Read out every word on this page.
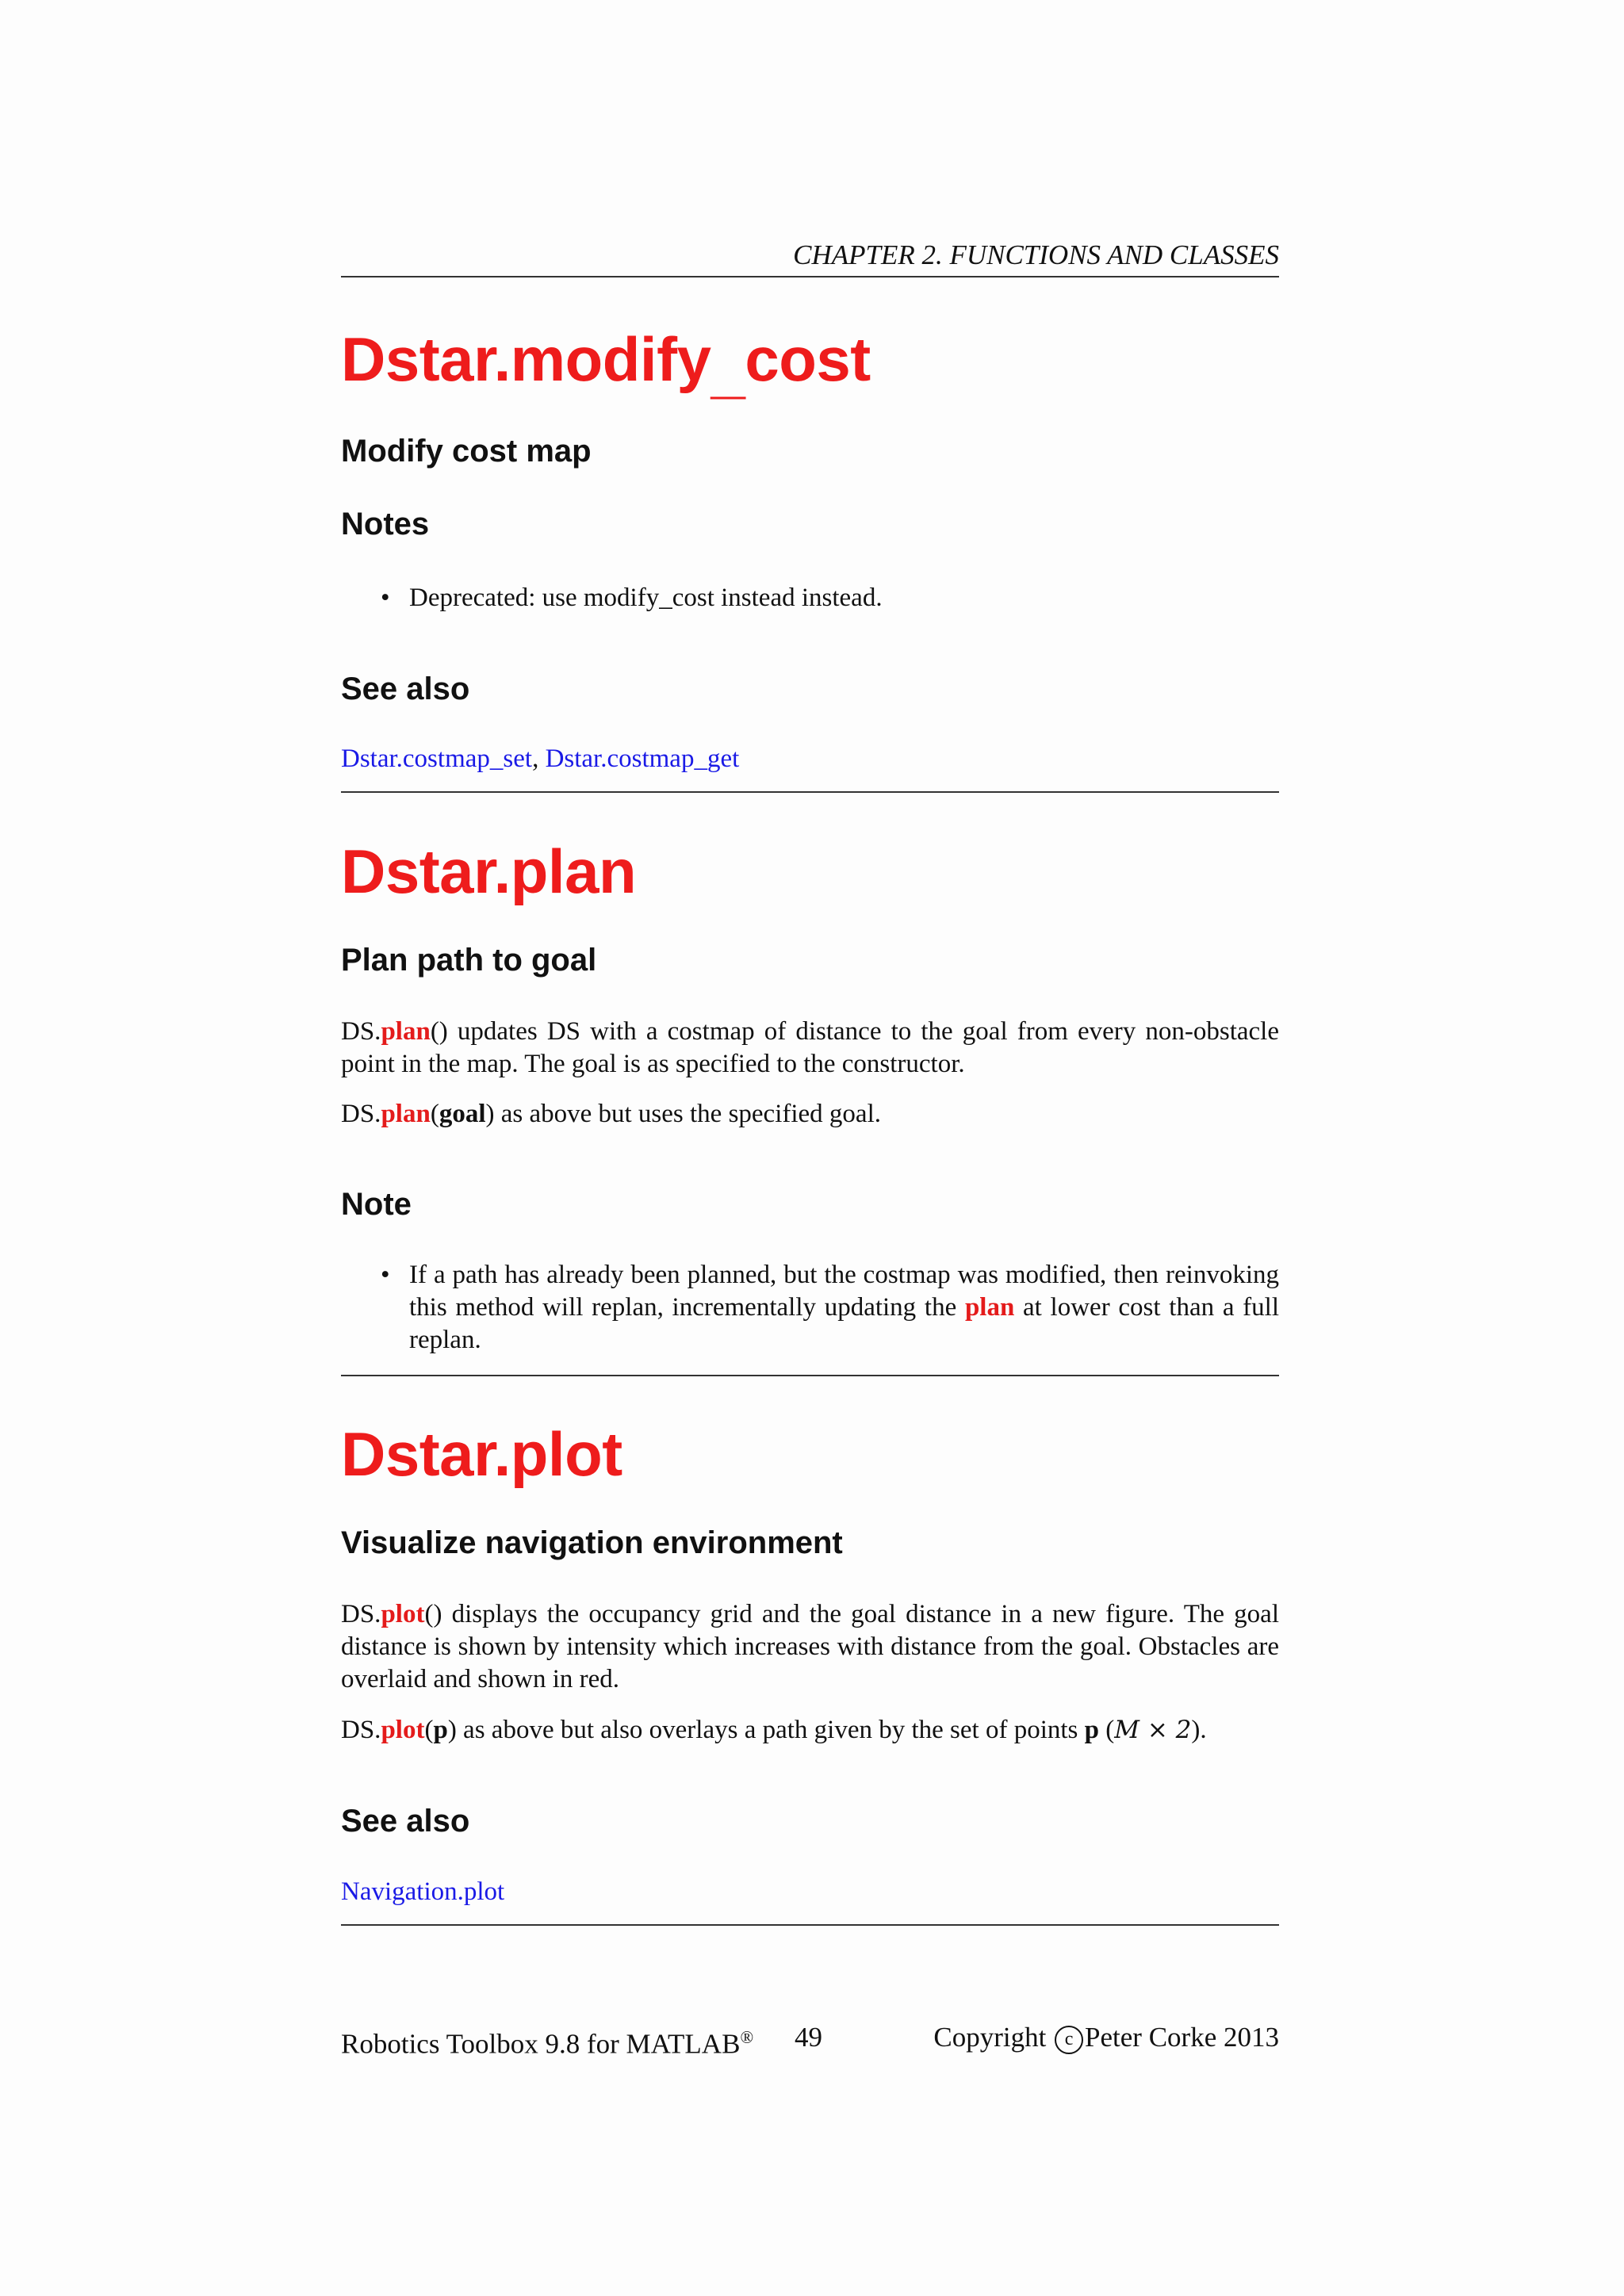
CHAPTER 2. FUNCTIONS AND CLASSES
Dstar.modify_cost
Modify cost map
Notes
• Deprecated: use modify_cost instead instead.
See also
Dstar.costmap_set, Dstar.costmap_get
Dstar.plan
Plan path to goal

DS.plan() updates DS with a costmap of distance to the goal from every non-obstacle point in the map. The goal is as specified to the constructor.

DS.plan(goal) as above but uses the specified goal.

Note
• If a path has already been planned, but the costmap was modified, then reinvoking this method will replan, incrementally updating the plan at lower cost than a full replan.
Dstar.plot
Visualize navigation environment

DS.plot() displays the occupancy grid and the goal distance in a new figure. The goal distance is shown by intensity which increases with distance from the goal. Obstacles are overlaid and shown in red.

DS.plot(p) as above but also overlays a path given by the set of points p (M × 2).

See also
Navigation.plot
Robotics Toolbox 9.8 for MATLAB® 49	Copyright c Peter Corke 2013
